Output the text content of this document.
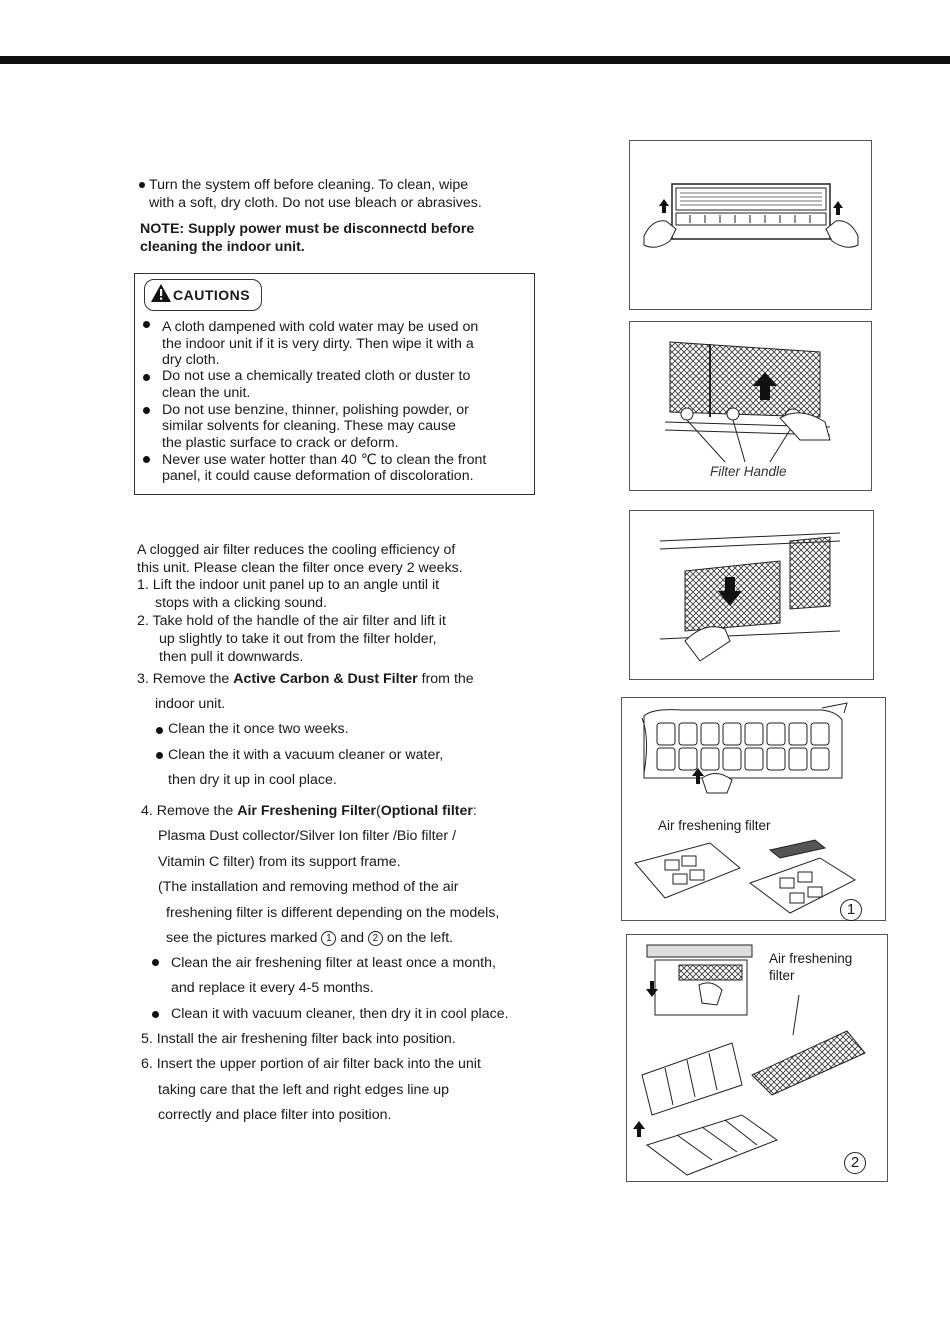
Turn the system off before cleaning. To clean, wipe
with a soft, dry cloth. Do not use bleach or abrasives.
NOTE: Supply power must be disconnectd before
cleaning the indoor unit.
CAUTIONS
A cloth dampened with cold water may be used on
the indoor unit if it is very dirty. Then wipe it with a
dry cloth.
Do not use a chemically treated cloth or duster to
clean the unit.
Do not use benzine, thinner, polishing powder, or
similar solvents for cleaning. These may cause
the plastic surface to crack or deform.
Never use water hotter than 40 ℃ to clean the front
panel, it could cause deformation of discoloration.
A clogged air filter reduces the cooling efficiency of
this unit. Please clean the filter once every 2 weeks.
1. Lift the indoor unit panel up to an angle until it
stops with a clicking sound.
2. Take hold of the handle of the air filter and lift it
up slightly to take it out from the filter holder,
then pull it downwards.
3. Remove the Active Carbon & Dust Filter from the
indoor unit.
Clean the it once two weeks.
Clean the it with a vacuum cleaner or water,
then dry it up in cool place.
4. Remove the Air Freshening Filter(Optional filter:
Plasma Dust collector/Silver Ion filter /Bio filter /
Vitamin C filter) from its support frame.
(The installation and removing method of the air
freshening filter is different depending on the models,
see the pictures marked 1 and 2 on the left.
Clean the air freshening filter at least once a month,
and replace it every 4-5 months.
Clean it with vacuum cleaner, then dry it in cool place.
5. Install the air freshening filter back into position.
6. Insert the upper portion of air filter back into the unit
taking care that the left and right edges line up
correctly and place filter into position.
Filter Handle
Air freshening filter
1
Air freshening
filter
2
